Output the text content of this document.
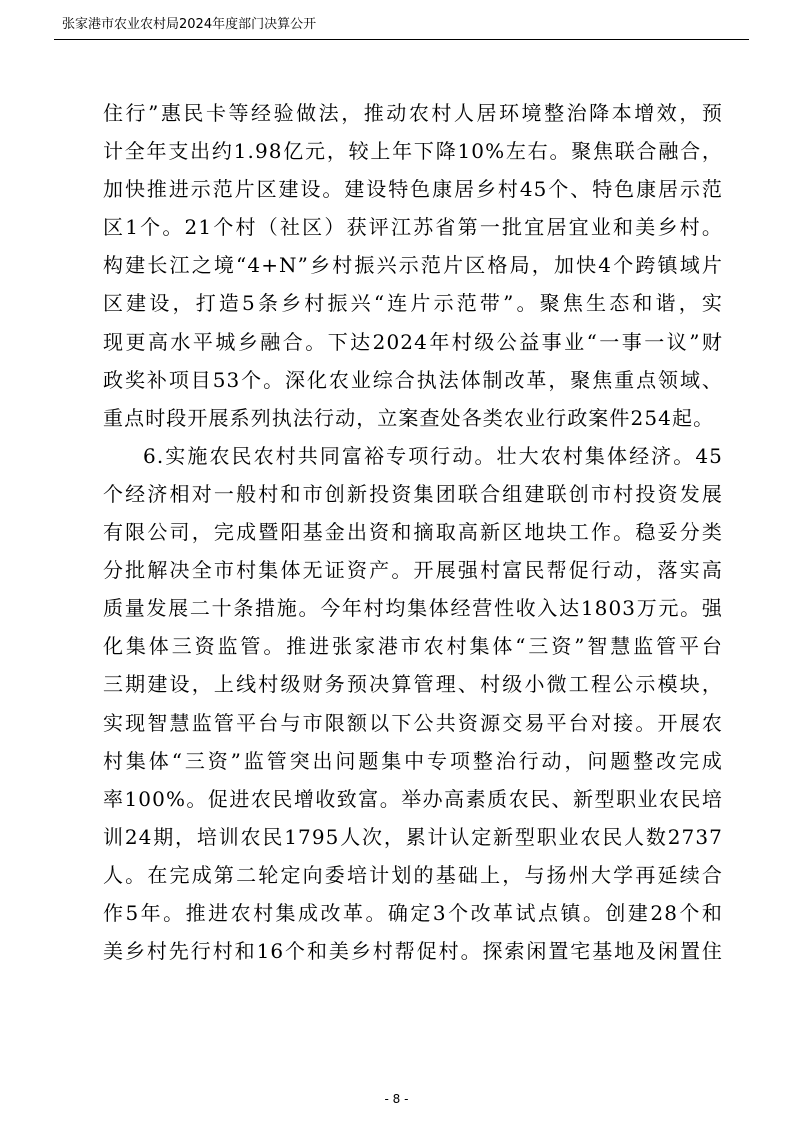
张家港市农业农村局2024年度部门决算公开
住行”惠民卡等经验做法，推动农村人居环境整治降本增效，预
计全年支出约1.98亿元，较上年下降10%左右。聚焦联合融合，
加快推进示范片区建设。建设特色康居乡村45个、特色康居示范
区1个。21个村（社区）获评江苏省第一批宜居宜业和美乡村。
构建长江之境“4+N”乡村振兴示范片区格局，加快4个跨镇域片
区建设，打造5条乡村振兴“连片示范带”。聚焦生态和谐，实
现更高水平城乡融合。下达2024年村级公益事业“一事一议”财
政奖补项目53个。深化农业综合执法体制改革，聚焦重点领域、
重点时段开展系列执法行动，立案查处各类农业行政案件254起。
6.实施农民农村共同富裕专项行动。壮大农村集体经济。45
个经济相对一般村和市创新投资集团联合组建联创市村投资发展
有限公司，完成暨阳基金出资和摘取高新区地块工作。稳妥分类
分批解决全市村集体无证资产。开展强村富民帮促行动，落实高
质量发展二十条措施。今年村均集体经营性收入达1803万元。强
化集体三资监管。推进张家港市农村集体“三资”智慧监管平台
三期建设，上线村级财务预决算管理、村级小微工程公示模块，
实现智慧监管平台与市限额以下公共资源交易平台对接。开展农
村集体“三资”监管突出问题集中专项整治行动，问题整改完成
率100%。促进农民增收致富。举办高素质农民、新型职业农民培
训24期，培训农民1795人次，累计认定新型职业农民人数2737
人。在完成第二轮定向委培计划的基础上，与扬州大学再延续合
作5年。推进农村集成改革。确定3个改革试点镇。创建28个和
美乡村先行村和16个和美乡村帮促村。探索闲置宅基地及闲置住
- 8 -
